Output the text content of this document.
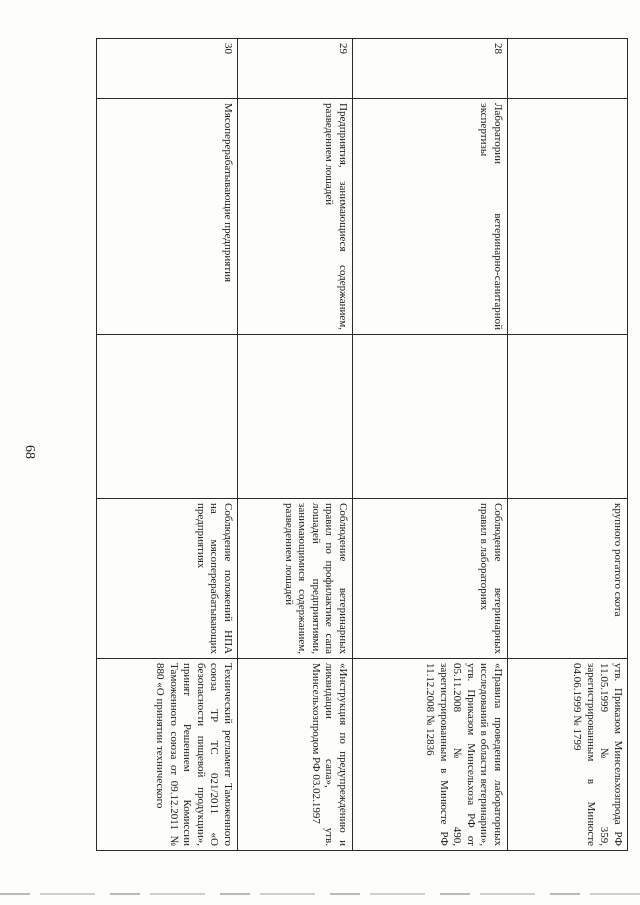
68
			крупного рогатого скота	утв. Приказом Минсельхозпрода РФ 11.05.1999 № 359, зарегистрированным в Минюсте 04.06.1999 № 1799
28	Лаборатории ветеринарно-санитарной экспертизы		Соблюдение ветеринарных правил в лабораториях	«Правила проведения лабораторных исследований в области ветеринарии», утв. Приказом Минсельхоза РФ от 05.11.2008 № 490, зарегистрированным в Минюсте РФ 11.12.2008 № 12836
29	Предприятия, занимающиеся содержанием, разведением лошадей		Соблюдение ветеринарных правил по профилактике сапа лошадей предприятиями, занимающимися содержанием, разведением лошадей	«Инструкция по предупреждению и ликвидации сапа», утв. Минсельхозпродом РФ 03.02.1997
30	Мясоперерабатывающие предприятия		Соблюдение положений НПА на мясоперерабатывающих предприятиях	Технический регламент Таможенного союза ТР ТС 021/2011 «О безопасности пищевой продукции», принят Решением Комиссии Таможенного союза от 09.12.2011 № 880 «О принятии технического
